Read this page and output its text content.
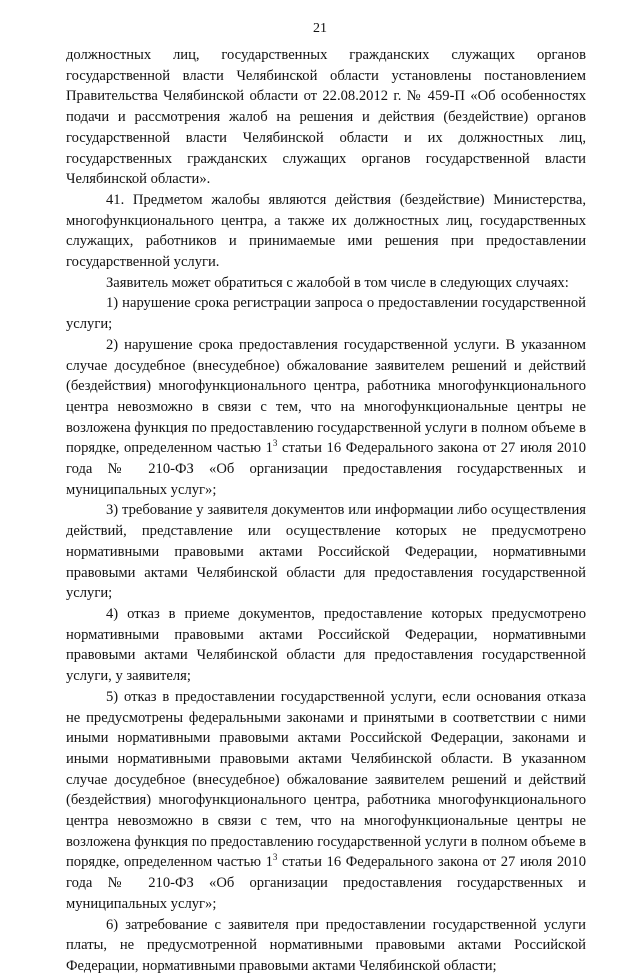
21

должностных лиц, государственных гражданских служащих органов государственной власти Челябинской области установлены постановлением Правительства Челябинской области от 22.08.2012 г. № 459-П «Об особенностях подачи и рассмотрения жалоб на решения и действия (бездействие) органов государственной власти Челябинской области и их должностных лиц, государственных гражданских служащих органов государственной власти Челябинской области».

41. Предметом жалобы являются действия (бездействие) Министерства, многофункционального центра, а также их должностных лиц, государственных служащих, работников и принимаемые ими решения при предоставлении государственной услуги.

Заявитель может обратиться с жалобой в том числе в следующих случаях:

1) нарушение срока регистрации запроса о предоставлении государственной услуги;

2) нарушение срока предоставления государственной услуги. В указанном случае досудебное (внесудебное) обжалование заявителем решений и действий (бездействия) многофункционального центра, работника многофункционального центра невозможно в связи с тем, что на многофункциональные центры не возложена функция по предоставлению государственной услуги в полном объеме в порядке, определенном частью $1^3$ статьи 16 Федерального закона от 27 июля 2010 года № 210-ФЗ «Об организации предоставления государственных и муниципальных услуг»;

3) требование у заявителя документов или информации либо осуществления действий, представление или осуществление которых не предусмотрено нормативными правовыми актами Российской Федерации, нормативными правовыми актами Челябинской области для предоставления государственной услуги;

4) отказ в приеме документов, предоставление которых предусмотрено нормативными правовыми актами Российской Федерации, нормативными правовыми актами Челябинской области для предоставления государственной услуги, у заявителя;

5) отказ в предоставлении государственной услуги, если основания отказа не предусмотрены федеральными законами и принятыми в соответствии с ними иными нормативными правовыми актами Российской Федерации, законами и иными нормативными правовыми актами Челябинской области. В указанном случае досудебное (внесудебное) обжалование заявителем решений и действий (бездействия) многофункционального центра, работника многофункционального центра невозможно в связи с тем, что на многофункциональные центры не возложена функция по предоставлению государственной услуги в полном объеме в порядке, определенном частью $1^3$ статьи 16 Федерального закона от 27 июля 2010 года № 210-ФЗ «Об организации предоставления государственных и муниципальных услуг»;

6) затребование с заявителя при предоставлении государственной услуги платы, не предусмотренной нормативными правовыми актами Российской Федерации, нормативными правовыми актами Челябинской области;
